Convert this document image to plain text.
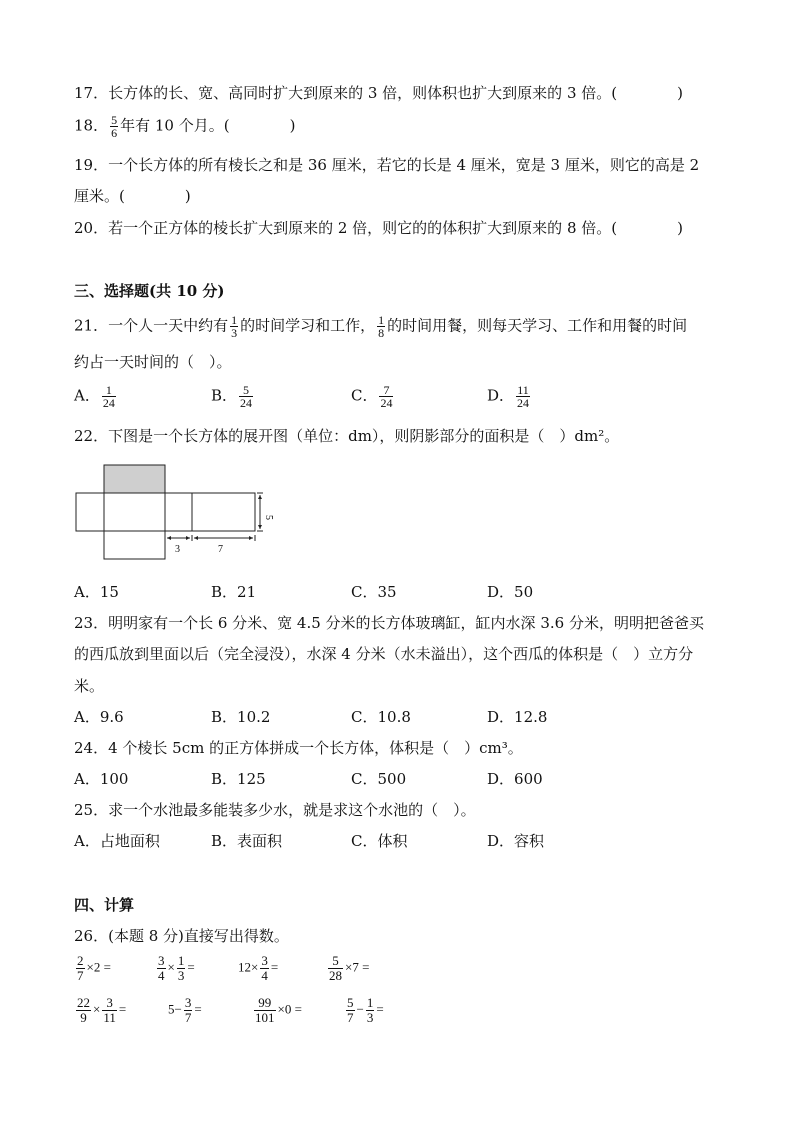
17．长方体的长、宽、高同时扩大到原来的 3 倍，则体积也扩大到原来的 3 倍。(　　　　)
18． $\frac{5}{6}$ 年有 10 个月。(　　　　)
19．一个长方体的所有棱长之和是 36 厘米，若它的长是 4 厘米，宽是 3 厘米，则它的高是 2
厘米。(　　　　)
20．若一个正方体的棱长扩大到原来的 2 倍，则它的的体积扩大到原来的 8 倍。(　　　　)
三、选择题(共 10 分)
21．一个人一天中约有 $\frac{1}{3}$ 的时间学习和工作， $\frac{1}{8}$ 的时间用餐，则每天学习、工作和用餐的时间
约占一天时间的（　）。
A． $\frac{1}{24}$	B． $\frac{5}{24}$	C． $\frac{7}{24}$	D． $\frac{11}{24}$
22．下图是一个长方体的展开图（单位：dm），则阴影部分的面积是（　）dm²。
3	7
5
A．15	B．21	C．35	D．50
23．明明家有一个长 6 分米、宽 4.5 分米的长方体玻璃缸，缸内水深 3.6 分米，明明把爸爸买
的西瓜放到里面以后（完全浸没），水深 4 分米（水未溢出），这个西瓜的体积是（　）立方分
米。
A．9.6	B．10.2	C．10.8	D．12.8
24．4 个棱长 5cm 的正方体拼成一个长方体，体积是（　）cm³。
A．100	B．125	C．500	D．600
25．求一个水池最多能装多少水，就是求这个水池的（　）。
A．占地面积	B．表面积	C．体积	D．容积
四、计算
26．(本题 8 分)直接写出得数。
$\frac{2}{7} \times 2$ =	$\frac{3}{4} \times \frac{1}{3}$ =	$12\times \frac{3}{4}$ =	$\frac{5}{28} \times 7$ =
$\frac{22}{9} \times \frac{3}{11}$ =	$5- \frac{3}{7}$ =	$\frac{99}{101} \times 0$ =	$\frac{5}{7} - \frac{1}{3}$ =
